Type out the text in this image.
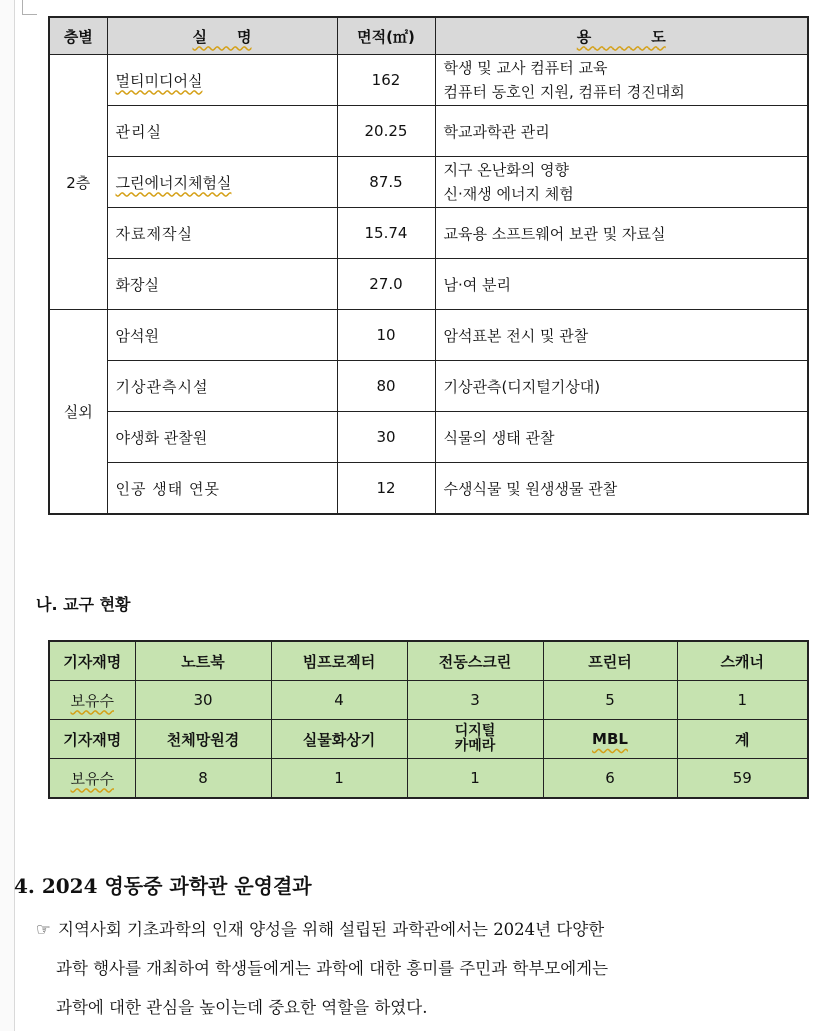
층별	실　　명	면적(㎡)	용　　　　도
2층	멀티미디어실	162	학생 및 교사 컴퓨터 교육
컴퓨터 동호인 지원, 컴퓨터 경진대회

	관리실	20.25	학교과학관 관리
	그린에너지체험실	87.5	지구 온난화의 영향
신·재생 에너지 체험

	자료제작실	15.74	교육용 소프트웨어 보관 및 자료실
	화장실	27.0	남·여 분리
실외	암석원	10	암석표본 전시 및 관찰
	기상관측시설	80	기상관측(디지털기상대)
	야생화 관찰원	30	식물의 생태 관찰
	인공 생태 연못	12	수생식물 및 원생생물 관찰
나. 교구 현황
기자재명	노트북	빔프로젝터	전동스크린	프린터	스캐너
보유수	30	4	3	5	1
기자재명	천체망원경	실물화상기	디지털
카메라	MBL	계
보유수	8	1	1	6	59
4. 2024 영동중 과학관 운영결과
☞ 지역사회 기초과학의 인재 양성을 위해 설립된 과학관에서는 2024년 다양한
과학 행사를 개최하여 학생들에게는 과학에 대한 흥미를 주민과 학부모에게는
과학에 대한 관심을 높이는데 중요한 역할을 하였다.
